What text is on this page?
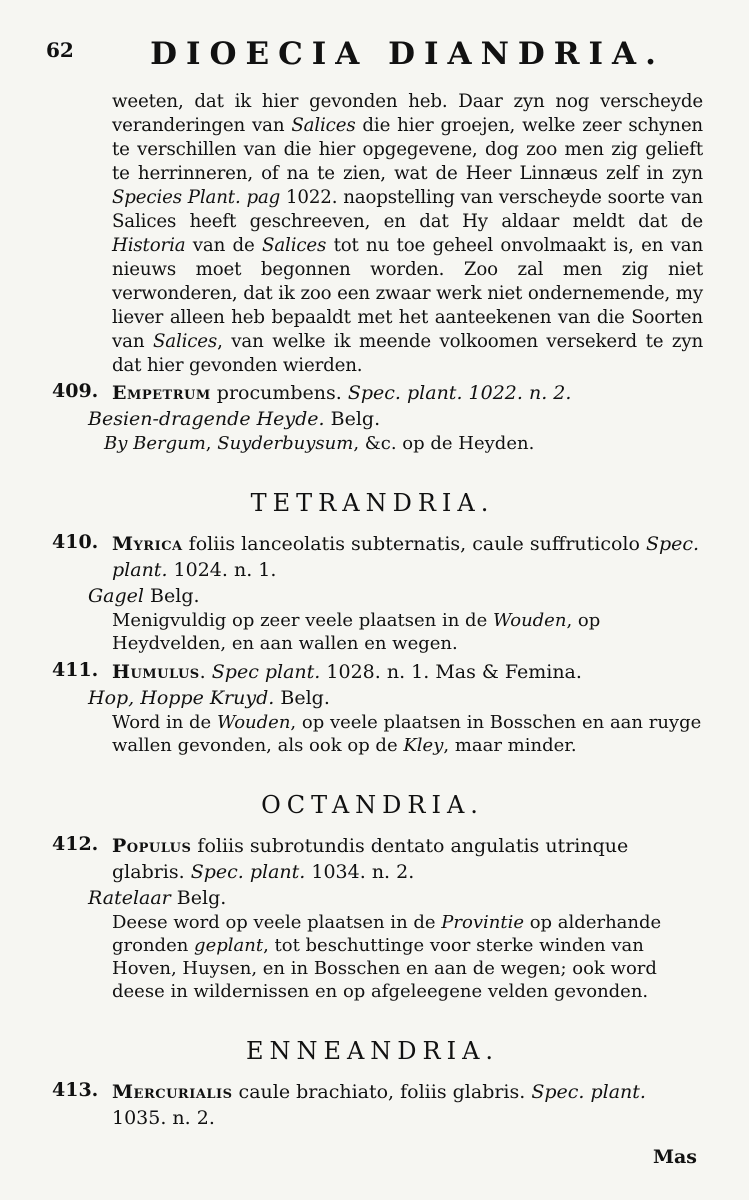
62	DIOECIA DIANDRIA.

weeten, dat ik hier gevonden heb. Daar zyn nog verscheyde veranderingen van Salices die hier groejen, welke zeer schynen te verschillen van die hier opgegevene, dog zoo men zig gelieft te herrinneren, of na te zien, wat de Heer Linnæus zelf in zyn Species Plant. pag 1022. naopstelling van verscheyde soorte van Salices heeft geschreeven, en dat Hy aldaar meldt dat de Historia van de Salices tot nu toe geheel onvolmaakt is, en van nieuws moet begonnen worden. Zoo zal men zig niet verwonderen, dat ik zoo een zwaar werk niet ondernemende, my liever alleen heb bepaaldt met het aanteekenen van die Soorten van Salices, van welke ik meende volkoomen versekerd te zyn dat hier gevonden wierden.

409. Empetrum procumbens. Spec. plant. 1022. n. 2.
Besien-dragende Heyde. Belg.
By Bergum, Suyderbuysum, &c. op de Heyden.
TETRANDRIA.
410. Myrica foliis lanceolatis subternatis, caule suffruticolo Spec. plant. 1024. n. 1.
Gagel Belg.
Menigvuldig op zeer veele plaatsen in de Wouden, op Heydvelden, en aan wallen en wegen.
411. Humulus. Spec plant. 1028. n. 1. Mas & Femina.
Hop, Hoppe Kruyd. Belg.
Word in de Wouden, op veele plaatsen in Bosschen en aan ruyge wallen gevonden, als ook op de Kley, maar minder.
OCTANDRIA.
412. Populus foliis subrotundis dentato angulatis utrinque glabris. Spec. plant. 1034. n. 2.
Ratelaar Belg.
Deese word op veele plaatsen in de Provintie op alderhande gronden geplant, tot beschuttinge voor sterke winden van Hoven, Huysen, en in Bosschen en aan de wegen; ook word deese in wildernissen en op afgeleegene velden gevonden.
ENNEANDRIA.
413. Mercurialis caule brachiato, foliis glabris. Spec. plant. 1035. n. 2.
Mas
